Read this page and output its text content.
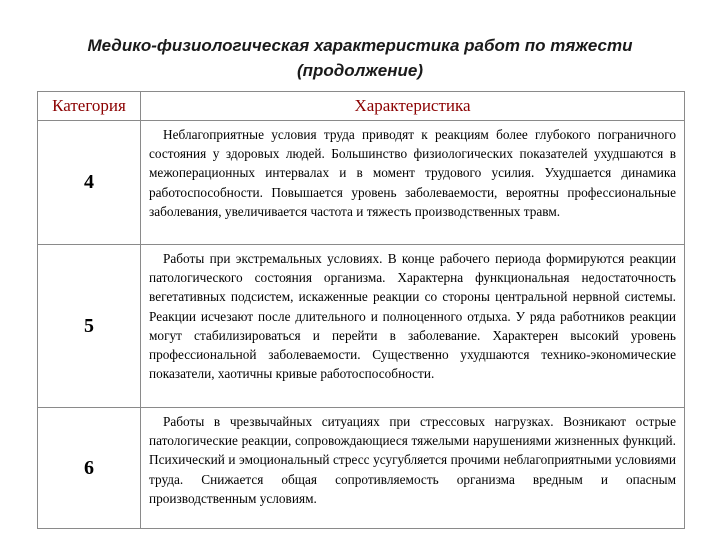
Медико-физиологическая характеристика работ по тяжести
(продолжение)
Категория	Характеристика
4

Неблагоприятные условия труда приводят к реакциям более глубокого пограничного состояния у здоровых людей. Большинство физиологических показателей ухудшаются в межоперационных интервалах и в момент трудового усилия. Ухудшается динамика работоспособности. Повышается уровень заболеваемости, вероятны профессиональные заболевания, увеличивается частота и тяжесть производственных травм.

5

Работы при экстремальных условиях. В конце рабочего периода формируются реакции патологического состояния организма. Характерна функциональная недостаточность вегетативных подсистем, искаженные реакции со стороны центральной нервной системы. Реакции исчезают после длительного и полноценного отдыха. У ряда работников реакции могут стабилизироваться и перейти в заболевание. Характерен высокий уровень профессиональной заболеваемости. Существенно ухудшаются технико-экономические показатели, хаотичны кривые работоспособности.

6

Работы в чрезвычайных ситуациях при стрессовых нагрузках. Возникают острые патологические реакции, сопровождающиеся тяжелыми нарушениями жизненных функций. Психический и эмоциональный стресс усугубляется прочими неблагоприятными условиями труда. Снижается общая сопротивляемость организма вредным и опасным производственным условиям.
